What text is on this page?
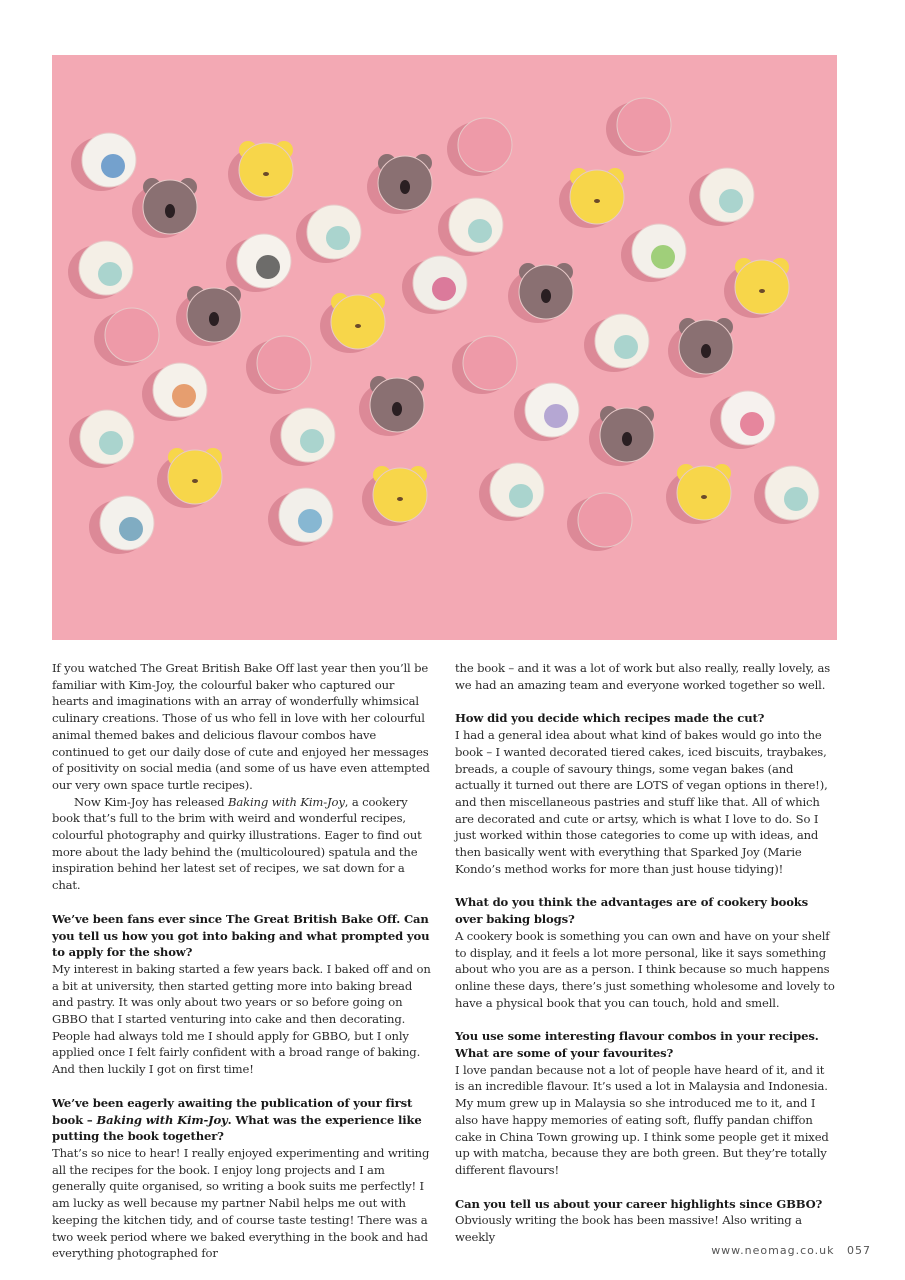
If you watched The Great British Bake Off last year then you’ll be familiar with Kim-Joy, the colourful baker who captured our hearts and imaginations with an array of wonderfully whimsical culinary creations. Those of us who fell in love with her colourful animal themed bakes and delicious flavour combos have continued to get our daily dose of cute and enjoyed her messages of positivity on social media (and some of us have even attempted our very own space turtle recipes).

Now Kim-Joy has released Baking with Kim-Joy, a cookery book that’s full to the brim with weird and wonderful recipes, colourful photography and quirky illustrations. Eager to find out more about the lady behind the (multicoloured) spatula and the inspiration behind her latest set of recipes, we sat down for a chat.

We’ve been fans ever since The Great British Bake Off. Can you tell us how you got into baking and what prompted you to apply for the show?

My interest in baking started a few years back. I baked off and on a bit at university, then started getting more into baking bread and pastry. It was only about two years or so before going on GBBO that I started venturing into cake and then decorating. People had always told me I should apply for GBBO, but I only applied once I felt fairly confident with a broad range of baking. And then luckily I got on first time!

We’ve been eagerly awaiting the publication of your first book – Baking with Kim-Joy. What was the experience like putting the book together?

That’s so nice to hear! I really enjoyed experimenting and writing all the recipes for the book. I enjoy long projects and I am generally quite organised, so writing a book suits me perfectly! I am lucky as well because my partner Nabil helps me out with keeping the kitchen tidy, and of course taste testing! There was a two week period where we baked everything in the book and had everything photographed for

the book – and it was a lot of work but also really, really lovely, as we had an amazing team and everyone worked together so well.

How did you decide which recipes made the cut?

I had a general idea about what kind of bakes would go into the book – I wanted decorated tiered cakes, iced biscuits, traybakes, breads, a couple of savoury things, some vegan bakes (and actually it turned out there are LOTS of vegan options in there!), and then miscellaneous pastries and stuff like that. All of which are decorated and cute or artsy, which is what I love to do. So I just worked within those categories to come up with ideas, and then basically went with everything that Sparked Joy (Marie Kondo’s method works for more than just house tidying)!

What do you think the advantages are of cookery books over baking blogs?

A cookery book is something you can own and have on your shelf to display, and it feels a lot more personal, like it says something about who you are as a person. I think because so much happens online these days, there’s just something wholesome and lovely to have a physical book that you can touch, hold and smell.

You use some interesting flavour combos in your recipes. What are some of your favourites?

I love pandan because not a lot of people have heard of it, and it is an incredible flavour. It’s used a lot in Malaysia and Indonesia. My mum grew up in Malaysia so she introduced me to it, and I also have happy memories of eating soft, fluffy pandan chiffon cake in China Town growing up. I think some people get it mixed up with matcha, because they are both green. But they’re totally different flavours!

Can you tell us about your career highlights since GBBO?

Obviously writing the book has been massive! Also writing a weekly

www.neomag.co.uk 057
